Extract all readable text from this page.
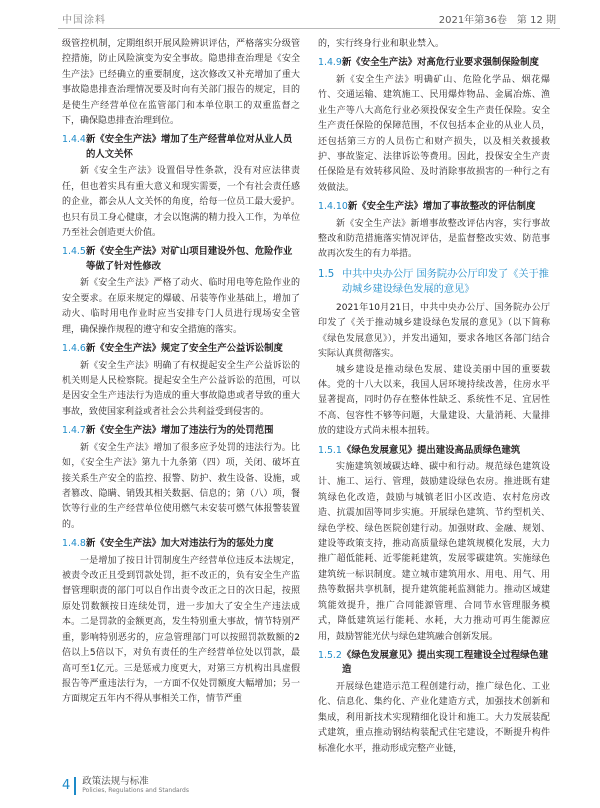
中国涂料	2021年第36卷　第 12 期

级管控机制，定期组织开展风险辨识评估，严格落实分级管控措施，防止风险演变为安全事故。隐患排查治理是《安全生产法》已经确立的重要制度，这次修改又补充增加了重大事故隐患排查治理情况要及时向有关部门报告的规定，目的是使生产经营单位在监管部门和本单位职工的双重监督之下，确保隐患排查治理到位。

1.4.4 新《安全生产法》增加了生产经营单位对从业人员的人文关怀

新《安全生产法》设置倡导性条款，没有对应法律责任，但也着实具有重大意义和现实需要，一个有社会责任感的企业，都会从人文关怀的角度，给每一位员工最大爱护。也只有员工身心健康，才会以饱满的精力投入工作，为单位乃至社会创造更大价值。

1.4.5 新《安全生产法》对矿山项目建设外包、危险作业等做了针对性修改

新《安全生产法》严格了动火、临时用电等危险作业的安全要求。在原来规定的爆破、吊装等作业基础上，增加了动火、临时用电作业时应当安排专门人员进行现场安全管理，确保操作规程的遵守和安全措施的落实。

1.4.6 新《安全生产法》规定了安全生产公益诉讼制度

新《安全生产法》明确了有权提起安全生产公益诉讼的机关则是人民检察院。提起安全生产公益诉讼的范围，可以是因安全生产违法行为造成的重大事故隐患或者导致的重大事故，致使国家利益或者社会公共利益受到侵害的。

1.4.7 新《安全生产法》增加了违法行为的处罚范围

新《安全生产法》增加了很多应予处罚的违法行为。比如，《安全生产法》第九十九条第（四）项，关闭、破坏直接关系生产安全的监控、报警、防护、救生设备、设施，或者篡改、隐瞒、销毁其相关数据、信息的；第（八）项，餐饮等行业的生产经营单位使用燃气未安装可燃气体报警装置的。

1.4.8 新《安全生产法》加大对违法行为的惩处力度

一是增加了按日计罚制度生产经营单位违反本法规定，被责令改正且受到罚款处罚，拒不改正的，负有安全生产监督管理职责的部门可以自作出责令改正之日的次日起，按照原处罚数额按日连续处罚，进一步加大了安全生产违法成本。二是罚款的金额更高，发生特别重大事故，情节特别严重，影响特别恶劣的，应急管理部门可以按照罚款数额的2倍以上5倍以下，对负有责任的生产经营单位处以罚款，最高可至1亿元。三是惩戒力度更大，对第三方机构出具虚假报告等严重违法行为，一方面不仅处罚额度大幅增加；另一方面规定五年内不得从事相关工作，情节严重

的，实行终身行业和职业禁入。

1.4.9 新《安全生产法》对高危行业要求强制保险制度

新《安全生产法》明确矿山、危险化学品、烟花爆竹、交通运输、建筑施工、民用爆炸物品、金属冶炼、渔业生产等八大高危行业必须投保安全生产责任保险。安全生产责任保险的保障范围，不仅包括本企业的从业人员，还包括第三方的人员伤亡和财产损失，以及相关救援救护、事故鉴定、法律诉讼等费用。因此，投保安全生产责任保险是有效转移风险、及时消除事故损害的一种行之有效做法。

1.4.10 新《安全生产法》增加了事故整改的评估制度

新《安全生产法》新增事故整改评估内容，实行事故整改和防范措施落实情况评估，是监督整改实效、防范事故再次发生的有力举措。

1.5 中共中央办公厅 国务院办公厅印发了《关于推动城乡建设绿色发展的意见》

2021年10月21日，中共中央办公厅、国务院办公厅印发了《关于推动城乡建设绿色发展的意见》（以下简称《绿色发展意见》），并发出通知，要求各地区各部门结合实际认真贯彻落实。

城乡建设是推动绿色发展、建设美丽中国的重要载体。党的十八大以来，我国人居环境持续改善，住房水平显著提高，同时仍存在整体性缺乏、系统性不足、宜居性不高、包容性不够等问题，大量建设、大量消耗、大量排放的建设方式尚未根本扭转。

1.5.1 《绿色发展意见》提出建设高品质绿色建筑

实施建筑领域碳达峰、碳中和行动。规范绿色建筑设计、施工、运行、管理，鼓励建设绿色农房。推进既有建筑绿色化改造，鼓励与城镇老旧小区改造、农村危房改造、抗震加固等同步实施。开展绿色建筑、节约型机关、绿色学校、绿色医院创建行动。加强财政、金融、规划、建设等政策支持，推动高质量绿色建筑规模化发展，大力推广超低能耗、近零能耗建筑，发展零碳建筑。实施绿色建筑统一标识制度。建立城市建筑用水、用电、用气、用热等数据共享机制，提升建筑能耗监测能力。推动区域建筑能效提升，推广合同能源管理、合同节水管理服务模式，降低建筑运行能耗、水耗，大力推动可再生能源应用，鼓励智能光伏与绿色建筑融合创新发展。

1.5.2 《绿色发展意见》提出实现工程建设全过程绿色建造

开展绿色建造示范工程创建行动，推广绿色化、工业化、信息化、集约化、产业化建造方式，加强技术创新和集成，利用新技术实现精细化设计和施工。大力发展装配式建筑，重点推动钢结构装配式住宅建设，不断提升构件标准化水平，推动形成完整产业链，

4 政策法规与标准
Policies, Regulations and Standards
